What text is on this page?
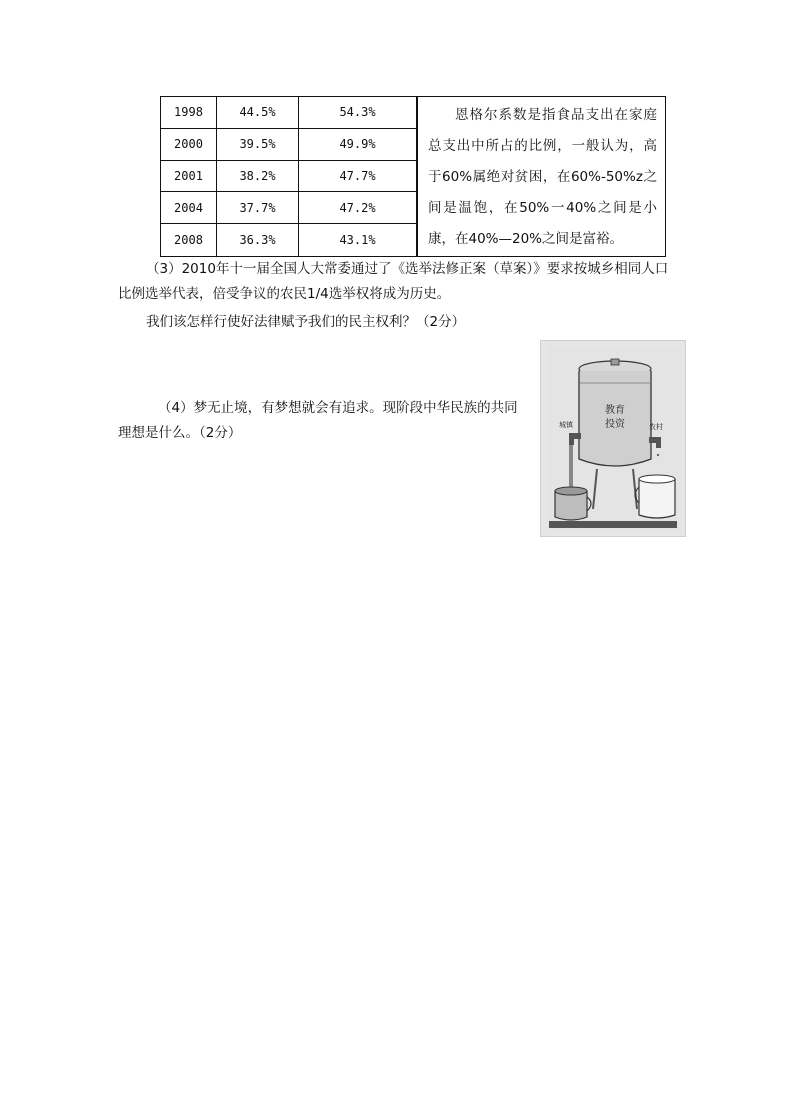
1998	44.5%	54.3%
2000	39.5%	49.9%
2001	38.2%	47.7%
2004	37.7%	47.2%
2008	36.3%	43.1%
恩格尔系数是指食品支出在家庭总支出中所占的比例，一般认为，高于60%属绝对贫困，在60%-50%z之间是温饱，在50%一40%之间是小康，在40%—20%之间是富裕。
（3）2010年十一届全国人大常委通过了《选举法修正案（草案）》要求按城乡相同人口比例选举代表，倍受争议的农民1/4选举权将成为历史。
我们该怎样行使好法律赋予我们的民主权利？（2分）
（4）梦无止境，有梦想就会有追求。现阶段中华民族的共同理想是什么。（2分）
教育
投资
城镇	农村
